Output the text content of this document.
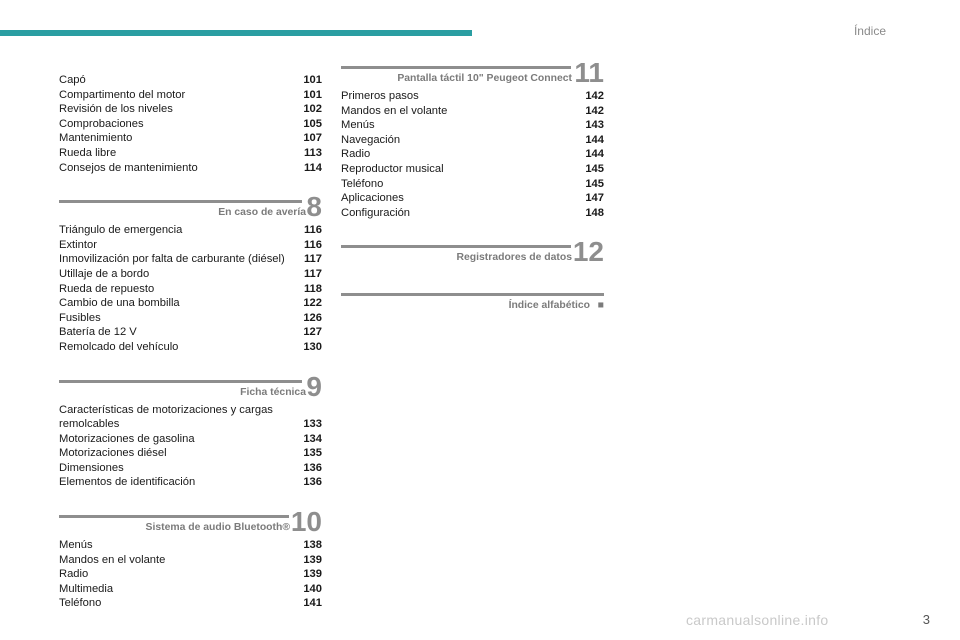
Índice
Capó	101
Compartimento del motor	101
Revisión de los niveles	102
Comprobaciones	105
Mantenimiento	107
Rueda libre	113
Consejos de mantenimiento	114
En caso de avería 8
Triángulo de emergencia	116
Extintor	116
Inmovilización por falta de carburante (diésel)	117
Utillaje de a bordo	117
Rueda de repuesto	118
Cambio de una bombilla	122
Fusibles	126
Batería de 12 V	127
Remolcado del vehículo	130
Ficha técnica 9
Características de motorizaciones y cargas
remolcables	133
Motorizaciones de gasolina	134
Motorizaciones diésel	135
Dimensiones	136
Elementos de identificación	136
Sistema de audio Bluetooth® 10
Menús	138
Mandos en el volante	139
Radio	139
Multimedia	140
Teléfono	141
Pantalla táctil 10" Peugeot Connect 11
Primeros pasos	142
Mandos en el volante	142
Menús	143
Navegación	144
Radio	144
Reproductor musical	145
Teléfono	145
Aplicaciones	147
Configuración	148
Registradores de datos 12
Índice alfabético ■
carmanualsonline.info	3
